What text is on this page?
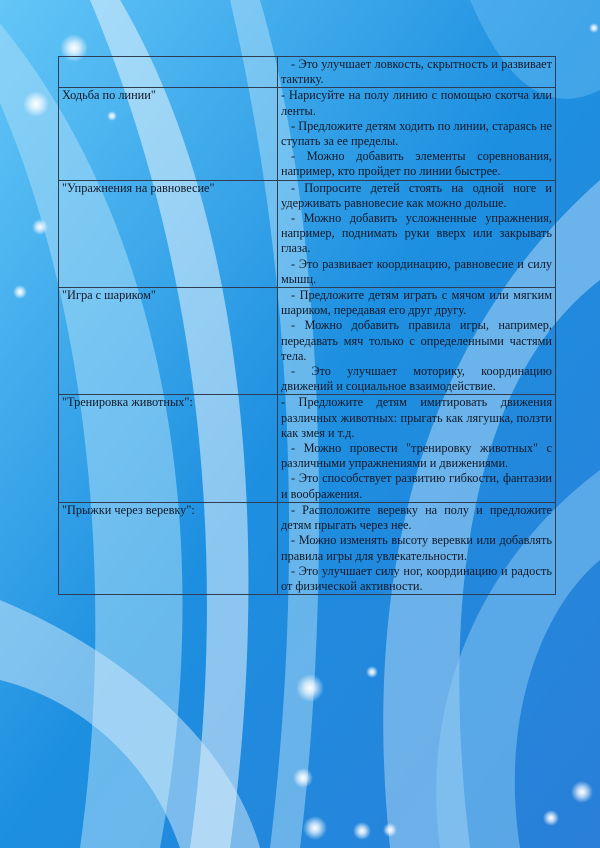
	- Это улучшает ловкость, скрытность и развивает тактику.

Ходьба по линии"	- Нарисуйте на полу линию с помощью скотча или ленты.

- Предложите детям ходить по линии, стараясь не ступать за ее пределы.

- Можно добавить элементы соревнования, например, кто пройдет по линии быстрее.

"Упражнения на равновесие"	- Попросите детей стоять на одной ноге и удерживать равновесие как можно дольше.

- Можно добавить усложненные упражнения, например, поднимать руки вверх или закрывать глаза.

- Это развивает координацию, равновесие и силу мышц.

"Игра с шариком"	- Предложите детям играть с мячом или мягким шариком, передавая его друг другу.

- Можно добавить правила игры, например, передавать мяч только с определенными частями тела.

- Это улучшает моторику, координацию движений и социальное взаимодействие.

"Тренировка животных":	- Предложите детям имитировать движения различных животных: прыгать как лягушка, ползти как змея и т.д.

- Можно провести "тренировку животных" с различными упражнениями и движениями.

- Это способствует развитию гибкости, фантазии и воображения.

"Прыжки через веревку":	- Расположите веревку на полу и предложите детям прыгать через нее.

- Можно изменять высоту веревки или добавлять правила игры для увлекательности.

- Это улучшает силу ног, координацию и радость от физической активности.
